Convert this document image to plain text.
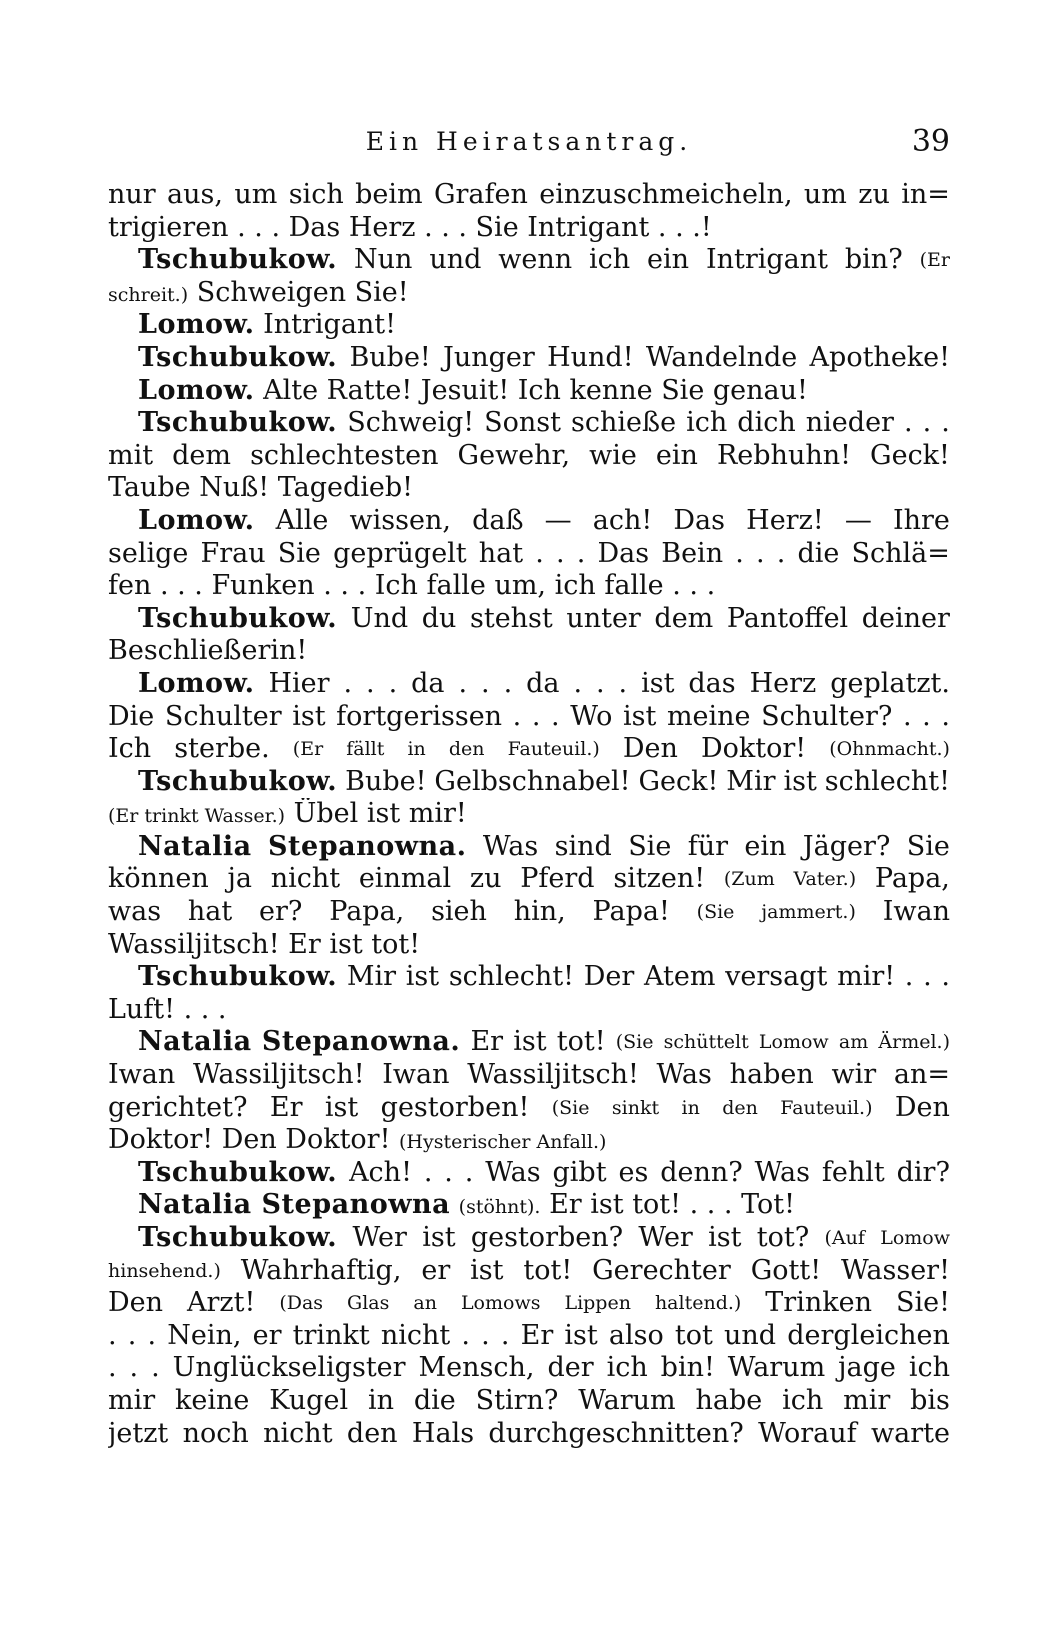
Ein Heiratsantrag.	39
nur aus, um sich beim Grafen einzuschmeicheln, um zu in=
trigieren . . . Das Herz . . . Sie Intrigant . . .!
Tschubukow. Nun und wenn ich ein Intrigant bin? (Er
schreit.) Schweigen Sie!
Lomow. Intrigant!
Tschubukow. Bube! Junger Hund! Wandelnde Apotheke!
Lomow. Alte Ratte! Jesuit! Ich kenne Sie genau!
Tschubukow. Schweig! Sonst schieße ich dich nieder . . .
mit dem schlechtesten Gewehr, wie ein Rebhuhn! Geck!
Taube Nuß! Tagedieb!
Lomow. Alle wissen, daß — ach! Das Herz! — Ihre
selige Frau Sie geprügelt hat . . . Das Bein . . . die Schlä=
fen . . . Funken . . . Ich falle um, ich falle . . .
Tschubukow. Und du stehst unter dem Pantoffel deiner
Beschließerin!
Lomow. Hier . . . da . . . da . . . ist das Herz geplatzt.
Die Schulter ist fortgerissen . . . Wo ist meine Schulter? . . .
Ich sterbe. (Er fällt in den Fauteuil.) Den Doktor! (Ohnmacht.)
Tschubukow. Bube! Gelbschnabel! Geck! Mir ist schlecht!
(Er trinkt Wasser.) Übel ist mir!
Natalia Stepanowna. Was sind Sie für ein Jäger? Sie
können ja nicht einmal zu Pferd sitzen! (Zum Vater.) Papa,
was hat er? Papa, sieh hin, Papa! (Sie jammert.) Iwan
Wassiljitsch! Er ist tot!
Tschubukow. Mir ist schlecht! Der Atem versagt mir! . . .
Luft! . . .
Natalia Stepanowna. Er ist tot! (Sie schüttelt Lomow am Ärmel.)
Iwan Wassiljitsch! Iwan Wassiljitsch! Was haben wir an=
gerichtet? Er ist gestorben! (Sie sinkt in den Fauteuil.) Den
Doktor! Den Doktor! (Hysterischer Anfall.)
Tschubukow. Ach! . . . Was gibt es denn? Was fehlt dir?
Natalia Stepanowna (stöhnt). Er ist tot! . . . Tot!
Tschubukow. Wer ist gestorben? Wer ist tot? (Auf Lomow
hinsehend.) Wahrhaftig, er ist tot! Gerechter Gott! Wasser!
Den Arzt! (Das Glas an Lomows Lippen haltend.) Trinken Sie!
. . . Nein, er trinkt nicht . . . Er ist also tot und dergleichen
. . . Unglückseligster Mensch, der ich bin! Warum jage ich
mir keine Kugel in die Stirn? Warum habe ich mir bis
jetzt noch nicht den Hals durchgeschnitten? Worauf warte
